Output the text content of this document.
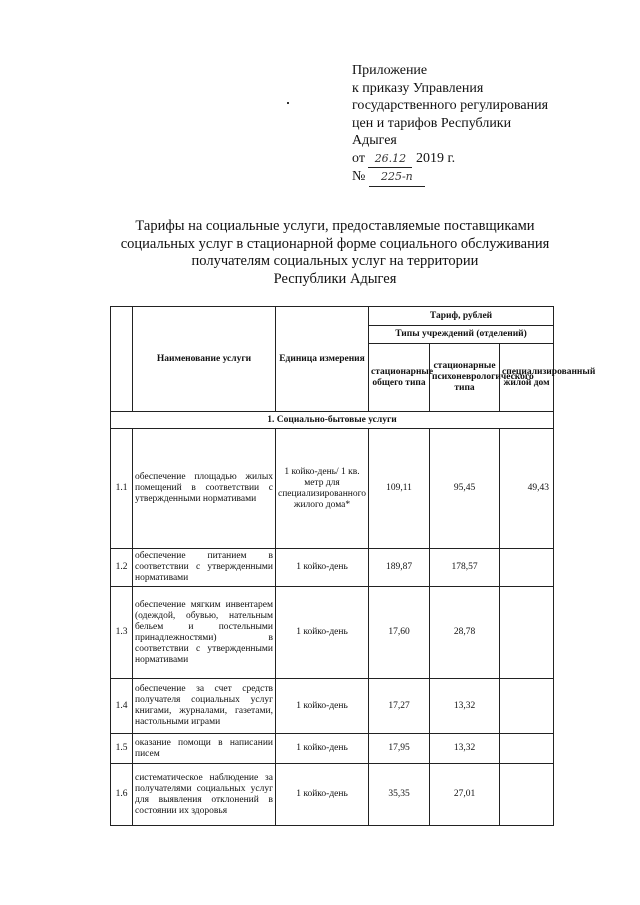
Приложение
к приказу Управления
государственного регулирования
цен и тарифов Республики
Адыгея
от 26.12 2019 г.
№ 225-п
Тарифы на социальные услуги, предоставляемые поставщиками
социальных услуг в стационарной форме социального обслуживания
получателям социальных услуг на территории
Республики Адыгея
	Наименование услуги	Единица измерения	Тариф, рублей		
			Типы учреждений (отделений)		
			стационарные общего типа	стационарные психоневрологического типа	специализированный жилой дом
1. Социально-бытовые услуги					
1.1	обеспечение площадью жилых помещений в соответствии с утвержденными нормативами	1 койко-день/ 1 кв. метр для специализированного жилого дома*	109,11	95,45	49,43
1.2	обеспечение питанием в соответствии с утвержденными нормативами	1 койко-день	189,87	178,57	
1.3	обеспечение мягким инвентарем (одеждой, обувью, нательным бельем и постельными принадлежностями) в соответствии с утвержденными нормативами	1 койко-день	17,60	28,78	
1.4	обеспечение за счет средств получателя социальных услуг книгами, журналами, газетами, настольными играми	1 койко-день	17,27	13,32	
1.5	оказание помощи в написании писем	1 койко-день	17,95	13,32	
1.6	систематическое наблюдение за получателями социальных услуг для выявления отклонений в состоянии их здоровья	1 койко-день	35,35	27,01	
